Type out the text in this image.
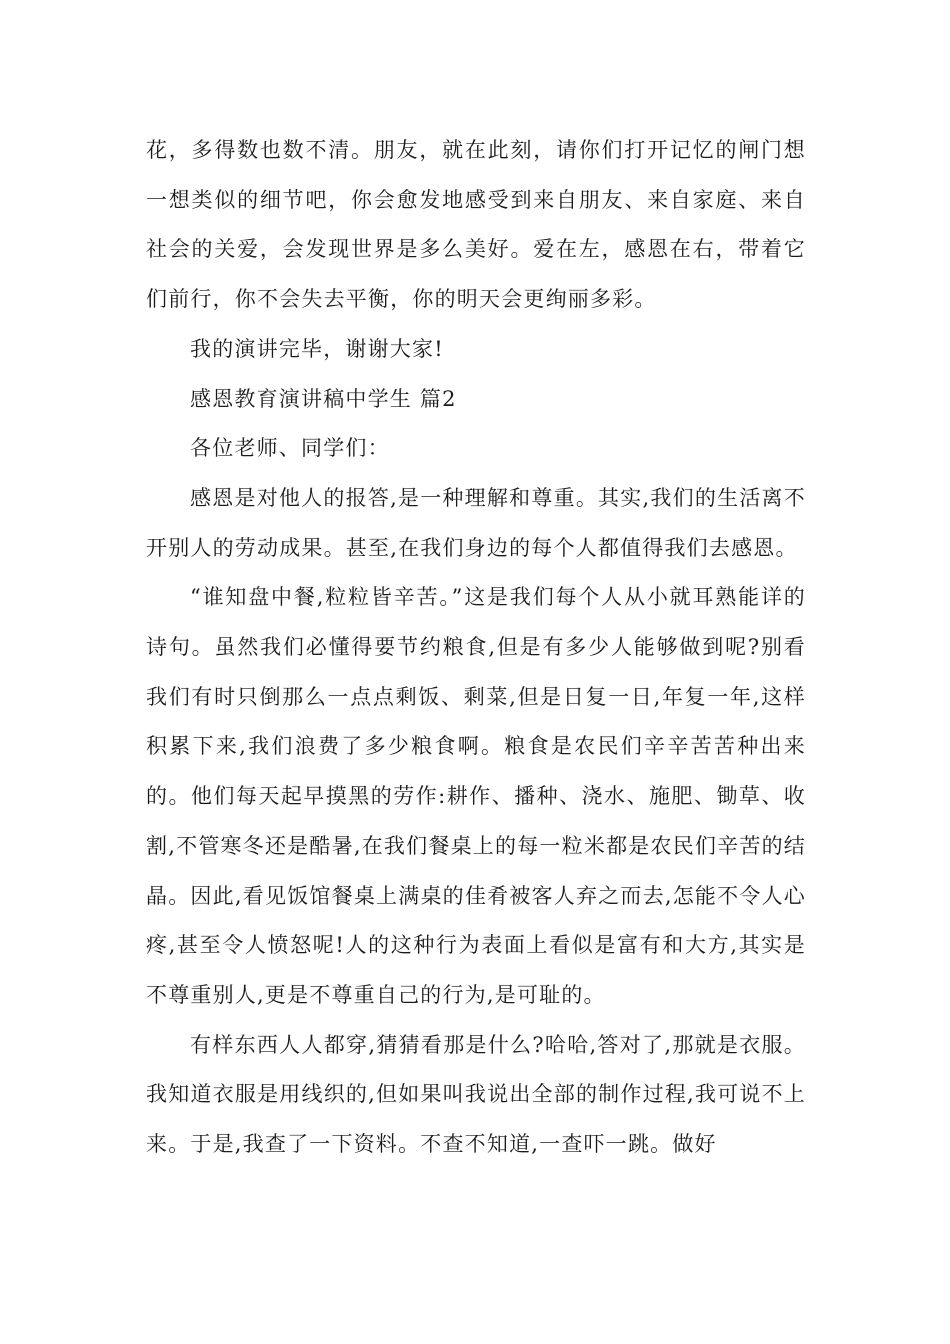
花，多得数也数不清。朋友，就在此刻，请你们打开记忆的闸门想一想类似的细节吧，你会愈发地感受到来自朋友、来自家庭、来自社会的关爱，会发现世界是多么美好。爱在左，感恩在右，带着它们前行，你不会失去平衡，你的明天会更绚丽多彩。

我的演讲完毕，谢谢大家!

感恩教育演讲稿中学生 篇2

各位老师、同学们：

感恩是对他人的报答,是一种理解和尊重。其实,我们的生活离不开别人的劳动成果。甚至,在我们身边的每个人都值得我们去感恩。

“谁知盘中餐,粒粒皆辛苦。”这是我们每个人从小就耳熟能详的诗句。虽然我们必懂得要节约粮食,但是有多少人能够做到呢?别看我们有时只倒那么一点点剩饭、剩菜,但是日复一日,年复一年,这样积累下来,我们浪费了多少粮食啊。粮食是农民们辛辛苦苦种出来的。他们每天起早摸黑的劳作:耕作、播种、浇水、施肥、锄草、收割,不管寒冬还是酷暑,在我们餐桌上的每一粒米都是农民们辛苦的结晶。因此,看见饭馆餐桌上满桌的佳肴被客人弃之而去,怎能不令人心疼,甚至令人愤怒呢!人的这种行为表面上看似是富有和大方,其实是不尊重别人,更是不尊重自己的行为,是可耻的。

有样东西人人都穿,猜猜看那是什么?哈哈,答对了,那就是衣服。我知道衣服是用线织的,但如果叫我说出全部的制作过程,我可说不上来。于是,我查了一下资料。不查不知道,一查吓一跳。做好
